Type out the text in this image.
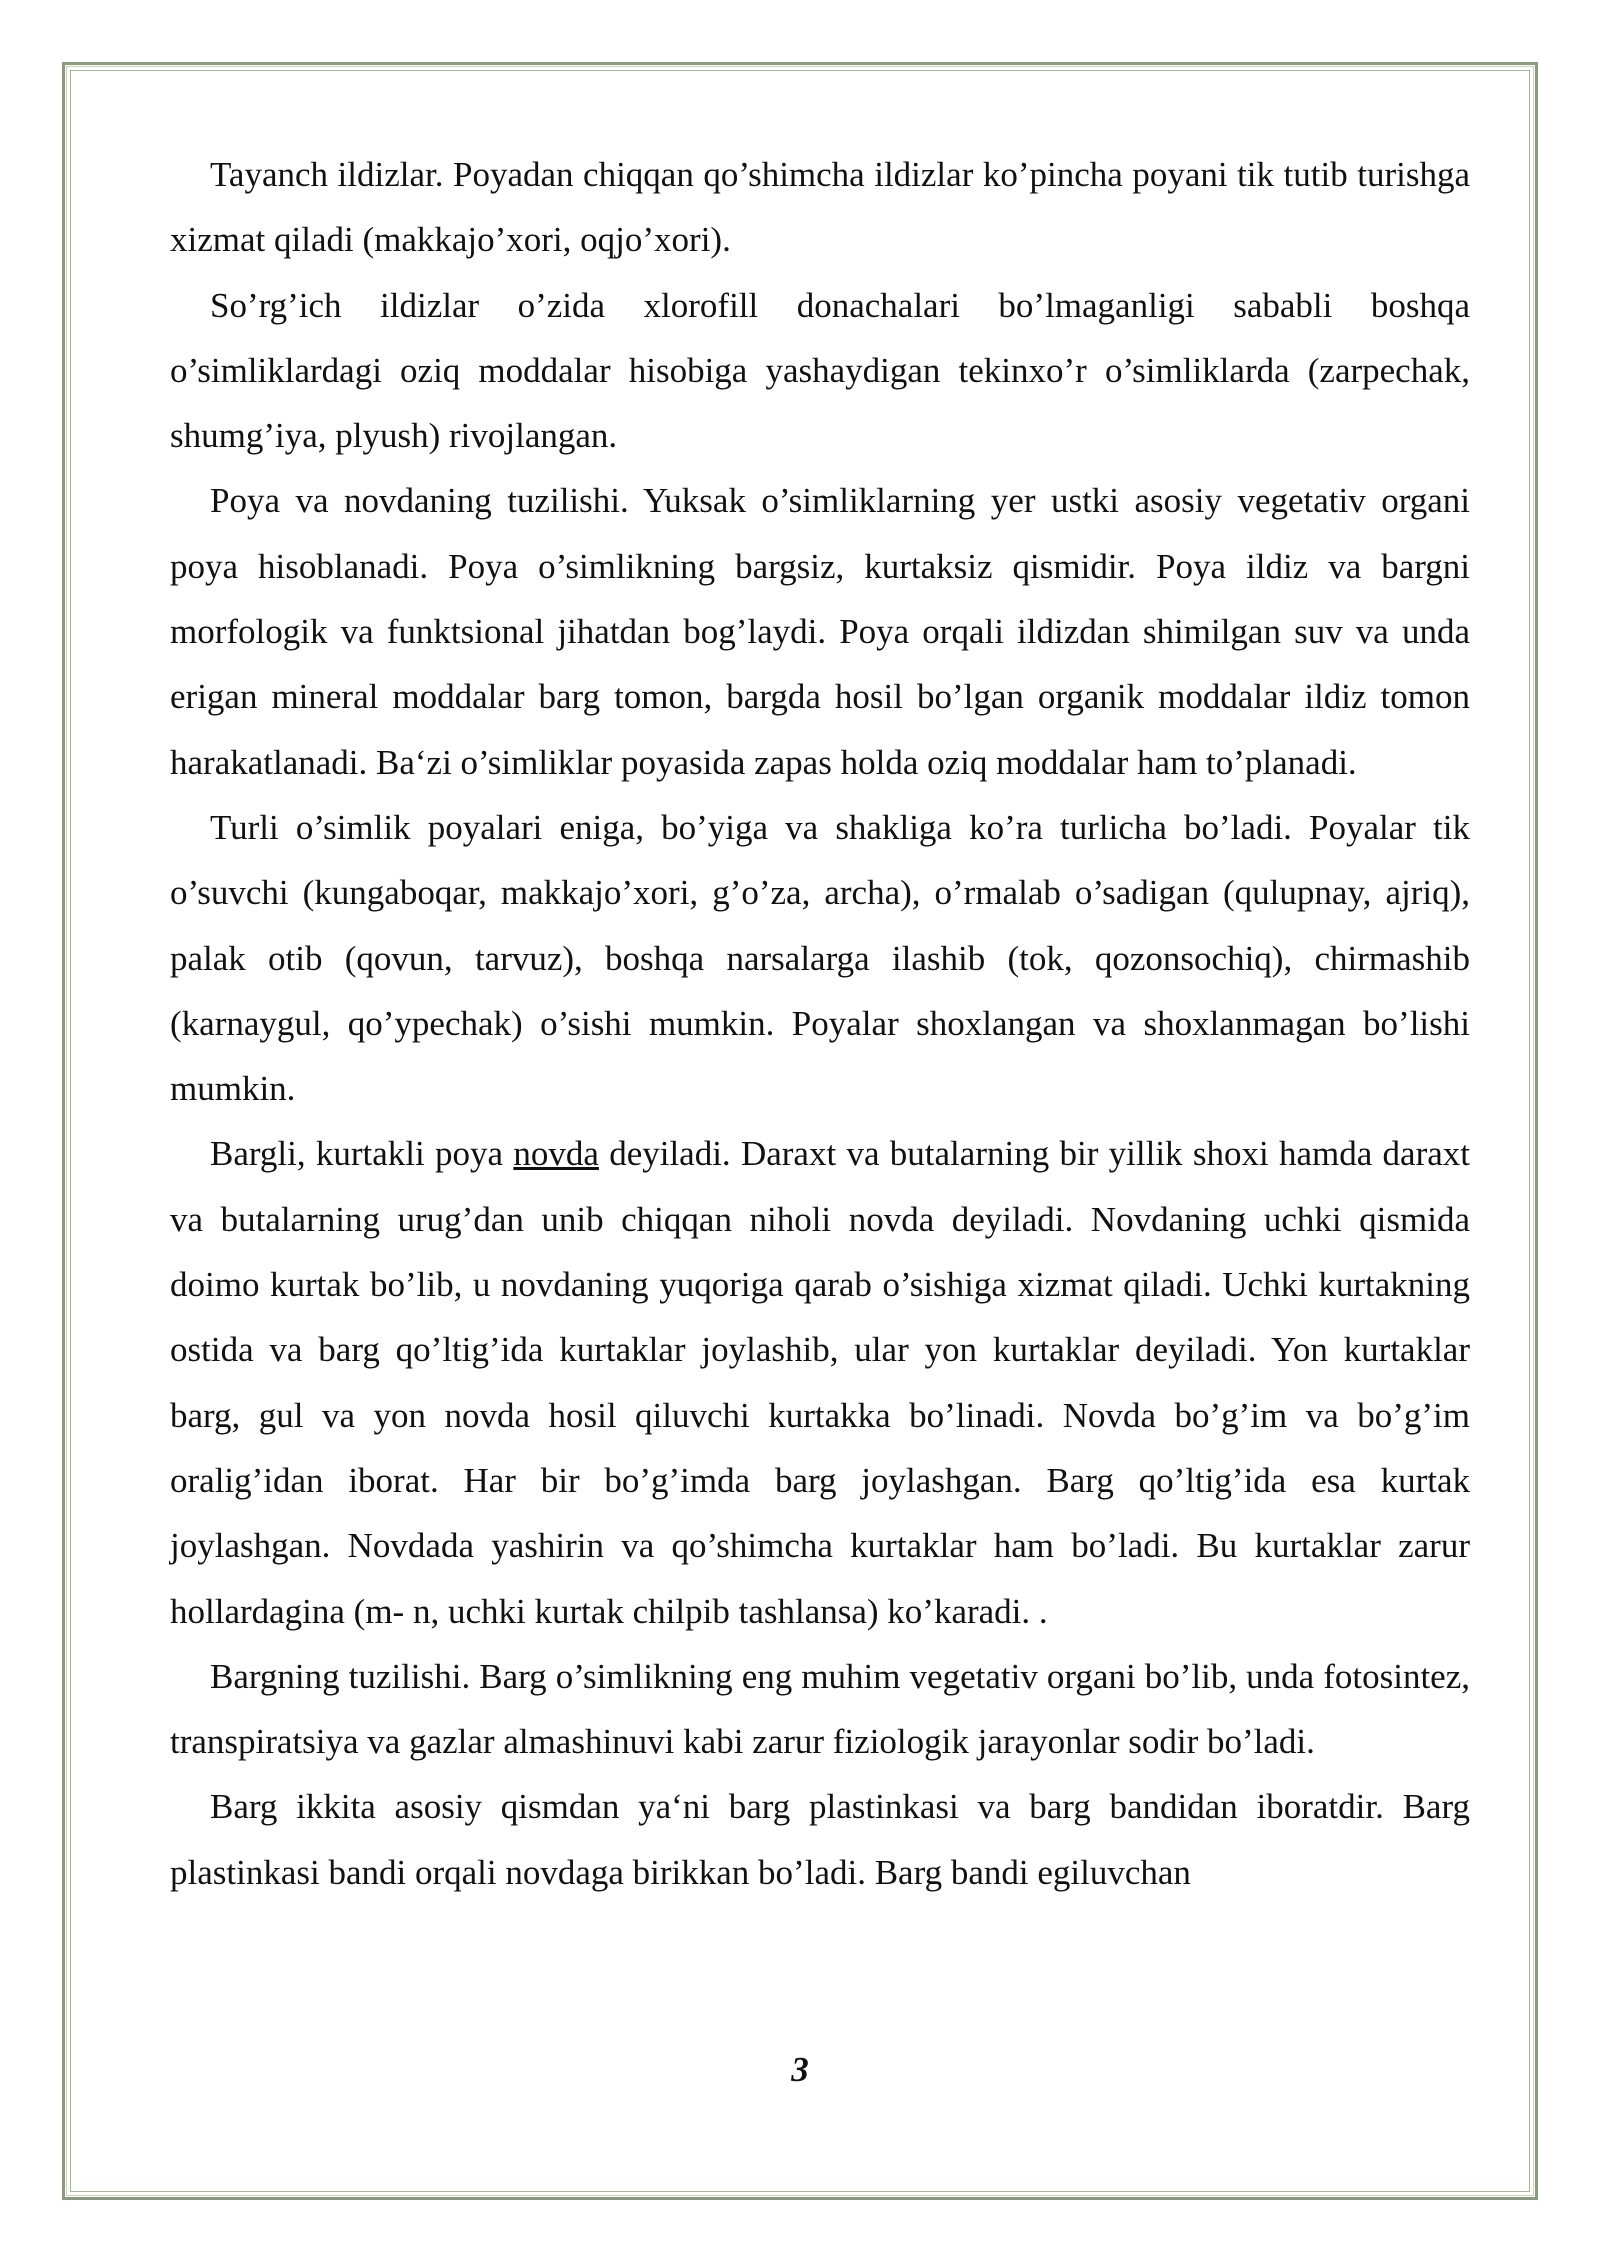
Tayanch ildizlar. Poyadan chiqqan qo’shimcha ildizlar ko’pincha poyani tik tutib turishga xizmat qiladi (makkajo’xori, oqjo’xori).

So’rg’ich ildizlar o’zida xlorofill donachalari bo’lmaganligi sababli boshqa o’simliklardagi oziq moddalar hisobiga yashaydigan tekinxo’r o’simliklarda (zarpechak, shumg’iya, plyush) rivojlangan.

Poya va novdaning tuzilishi. Yuksak o’simliklarning yer ustki asosiy vegetativ organi poya hisoblanadi. Poya o’simlikning bargsiz, kurtaksiz qismidir. Poya ildiz va bargni morfologik va funktsional jihatdan bog’laydi. Poya orqali ildizdan shimilgan suv va unda erigan mineral moddalar barg tomon, bargda hosil bo’lgan organik moddalar ildiz tomon harakatlanadi. Ba‘zi o’simliklar poyasida zapas holda oziq moddalar ham to’planadi.

Turli o’simlik poyalari eniga, bo’yiga va shakliga ko’ra turlicha bo’ladi. Poyalar tik o’suvchi (kungaboqar, makkajo’xori, g’o’za, archa), o’rmalab o’sadigan (qulupnay, ajriq), palak otib (qovun, tarvuz), boshqa narsalarga ilashib (tok, qozonsochiq), chirmashib (karnaygul, qo’ypechak) o’sishi mumkin. Poyalar shoxlangan va shoxlanmagan bo’lishi mumkin.

Bargli, kurtakli poya novda deyiladi. Daraxt va butalarning bir yillik shoxi hamda daraxt va butalarning urug’dan unib chiqqan niholi novda deyiladi. Novdaning uchki qismida doimo kurtak bo’lib, u novdaning yuqoriga qarab o’sishiga xizmat qiladi. Uchki kurtakning ostida va barg qo’ltig’ida kurtaklar joylashib, ular yon kurtaklar deyiladi. Yon kurtaklar barg, gul va yon novda hosil qiluvchi kurtakka bo’linadi. Novda bo’g’im va bo’g’im oralig’idan iborat. Har bir bo’g’imda barg joylashgan. Barg qo’ltig’ida esa kurtak joylashgan. Novdada yashirin va qo’shimcha kurtaklar ham bo’ladi. Bu kurtaklar zarur hollardagina (m- n, uchki kurtak chilpib tashlansa) ko’karadi. .

Bargning tuzilishi. Barg o’simlikning eng muhim vegetativ organi bo’lib, unda fotosintez, transpiratsiya va gazlar almashinuvi kabi zarur fiziologik jarayonlar sodir bo’ladi.

Barg ikkita asosiy qismdan ya‘ni barg plastinkasi va barg bandidan iboratdir. Barg plastinkasi bandi orqali novdaga birikkan bo’ladi. Barg bandi egiluvchan

3
